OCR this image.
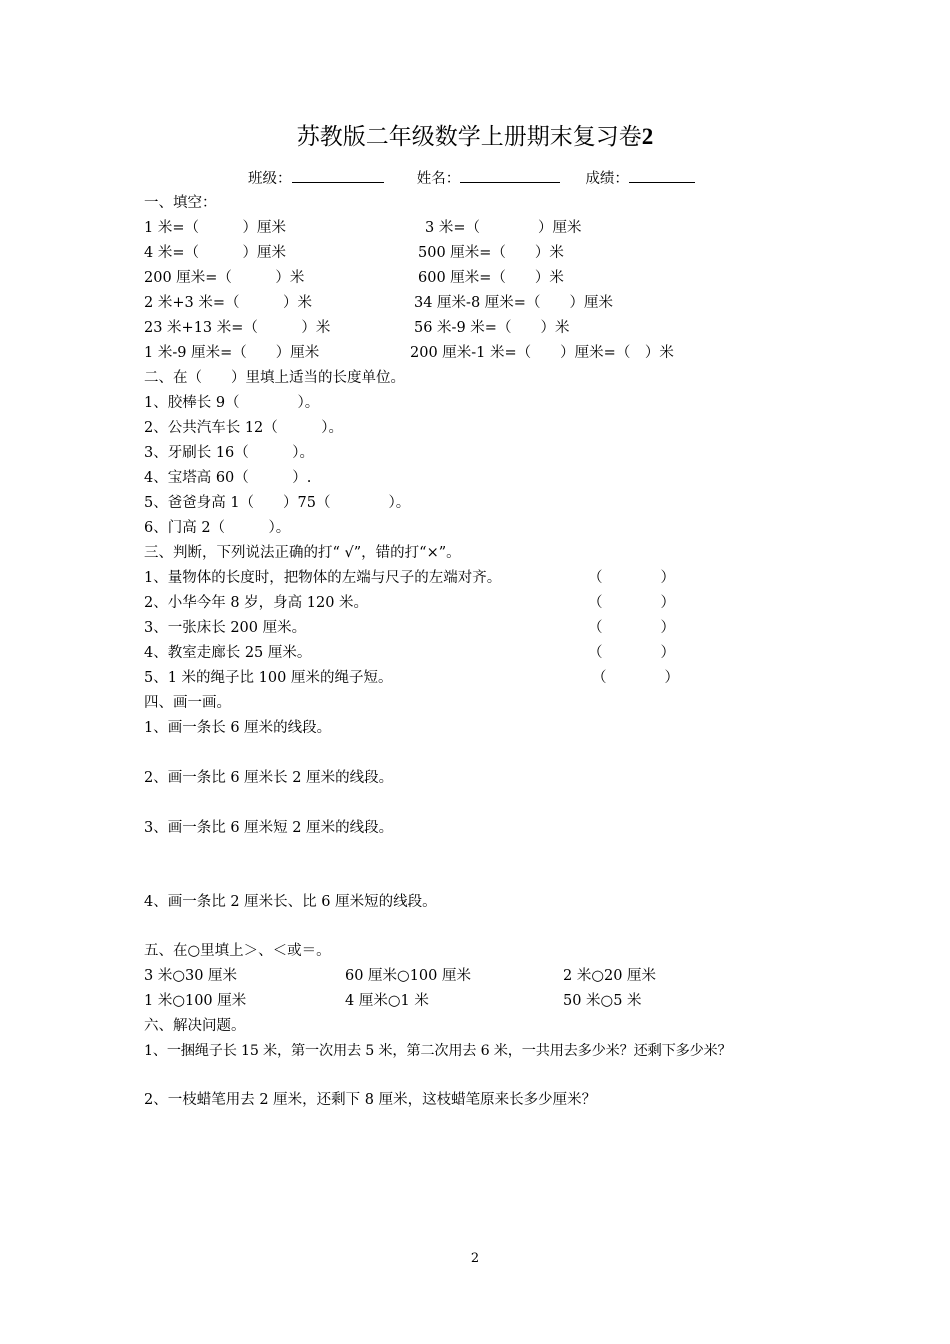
苏教版二年级数学上册期末复习卷2
班级：	姓名：	成绩：
一、填空：
1 米=（　　　）厘米	3 米=（　　　　）厘米
4 米=（　　　）厘米	500 厘米=（　　）米
200 厘米=（　　　）米	600 厘米=（　　）米
2 米+3 米=（　　　）米	34 厘米-8 厘米=（　　）厘米
23 米+13 米=（　　　）米	56 米-9 米=（　　）米
1 米-9 厘米=（　　）厘米	200 厘米-1 米=（　　）厘米=（　）米
二、在（　　）里填上适当的长度单位。
1、胶棒长 9（　　　　）。
2、公共汽车长 12（　　　）。
3、牙刷长 16（　　　）。
4、宝塔高 60（　　　）.
5、爸爸身高 1（　　）75（　　　　）。
6、门高 2（　　　）。
三、判断，下列说法正确的打“ √”，错的打“×”。
1、量物体的长度时，把物体的左端与尺子的左端对齐。	（　　　　）
2、小华今年 8 岁，身高 120 米。	（　　　　）
3、一张床长 200 厘米。	（　　　　）
4、教室走廊长 25 厘米。	（　　　　）
5、1 米的绳子比 100 厘米的绳子短。	（　　　　）
四、画一画。
1、画一条长 6 厘米的线段。
2、画一条比 6 厘米长 2 厘米的线段。
3、画一条比 6 厘米短 2 厘米的线段。
4、画一条比 2 厘米长、比 6 厘米短的线段。
五、在○里填上＞、＜或＝。
3 米○30 厘米	60 厘米○100 厘米	2 米○20 厘米
1 米○100 厘米	4 厘米○1 米	50 米○5 米
六、解决问题。
1、一捆绳子长 15 米，第一次用去 5 米，第二次用去 6 米，一共用去多少米？还剩下多少米？
2、一枝蜡笔用去 2 厘米，还剩下 8 厘米，这枝蜡笔原来长多少厘米？
2
